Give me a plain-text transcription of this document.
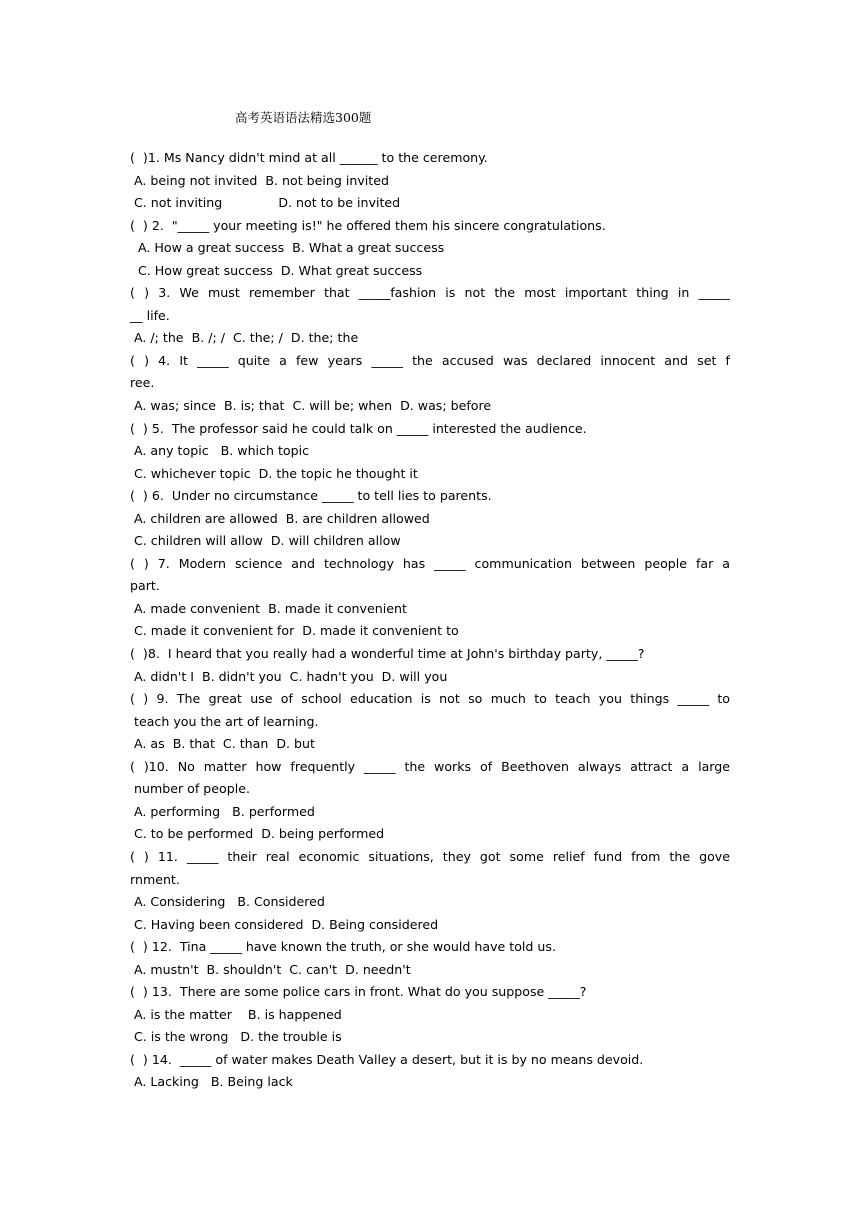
高考英语语法精选300题
(  )1. Ms Nancy didn't mind at all ______ to the ceremony.
A. being not invited  B. not being invited
C. not inviting              D. not to be invited
(  ) 2.  "_____ your meeting is!" he offered them his sincere congratulations.
A. How a great success  B. What a great success
C. How great success  D. What great success
( ) 3. We must remember that _____fashion is not the most important thing in _____
__ life.
A. /; the  B. /; /  C. the; /  D. the; the
( ) 4. It _____ quite a few years _____ the accused was declared innocent and set f
ree.
A. was; since  B. is; that  C. will be; when  D. was; before
(  ) 5.  The professor said he could talk on _____ interested the audience.
A. any topic   B. which topic
C. whichever topic  D. the topic he thought it
(  ) 6.  Under no circumstance _____ to tell lies to parents.
A. children are allowed  B. are children allowed
C. children will allow  D. will children allow
( ) 7. Modern science and technology has _____ communication between people far a
part.
A. made convenient  B. made it convenient
C. made it convenient for  D. made it convenient to
(  )8.  I heard that you really had a wonderful time at John's birthday party, _____?
A. didn't I  B. didn't you  C. hadn't you  D. will you
( ) 9. The great use of school education is not so much to teach you things _____ to
teach you the art of learning.
A. as  B. that  C. than  D. but
( )10. No matter how frequently _____ the works of Beethoven always attract a large
number of people.
A. performing   B. performed
C. to be performed  D. being performed
( ) 11. _____ their real economic situations, they got some relief fund from the gove
rnment.
A. Considering   B. Considered
C. Having been considered  D. Being considered
(  ) 12.  Tina _____ have known the truth, or she would have told us.
A. mustn't  B. shouldn't  C. can't  D. needn't
(  ) 13.  There are some police cars in front. What do you suppose _____?
A. is the matter    B. is happened
C. is the wrong   D. the trouble is
(  ) 14.  _____ of water makes Death Valley a desert, but it is by no means devoid.
A. Lacking   B. Being lack
